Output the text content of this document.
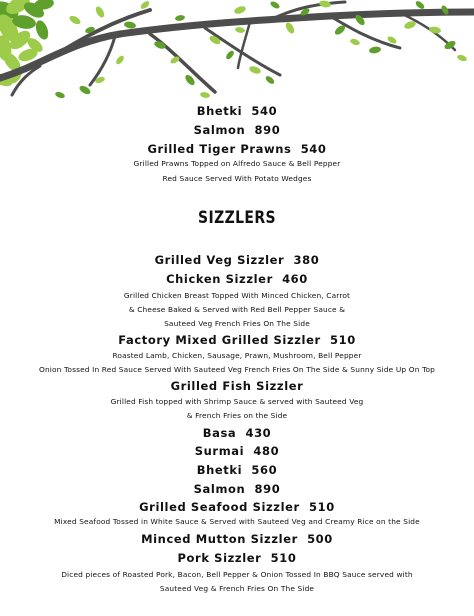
Bhetki 540
Salmon 890
Grilled Tiger Prawns 540
Grilled Prawns Topped on Alfredo Sauce & Bell Pepper
Red Sauce Served With Potato Wedges
SIZZLERS
Grilled Veg Sizzler 380
Chicken Sizzler 460
Grilled Chicken Breast Topped With Minced Chicken, Carrot
& Cheese Baked & Served with Red Bell Pepper Sauce &
Sauteed Veg French Fries On The Side
Factory Mixed Grilled Sizzler 510
Roasted Lamb, Chicken, Sausage, Prawn, Mushroom, Bell Pepper
Onion Tossed In Red Sauce Served With Sauteed Veg French Fries On The Side & Sunny Side Up On Top
Grilled Fish Sizzler
Grilled Fish topped with Shrimp Sauce & served with Sauteed Veg
& French Fries on the Side
Basa 430
Surmai 480
Bhetki 560
Salmon 890
Grilled Seafood Sizzler 510
Mixed Seafood Tossed in White Sauce & Served with Sauteed Veg and Creamy Rice on the Side
Minced Mutton Sizzler 500
Pork Sizzler 510
Diced pieces of Roasted Pork, Bacon, Bell Pepper & Onion Tossed In BBQ Sauce served with
Sauteed Veg & French Fries On The Side
